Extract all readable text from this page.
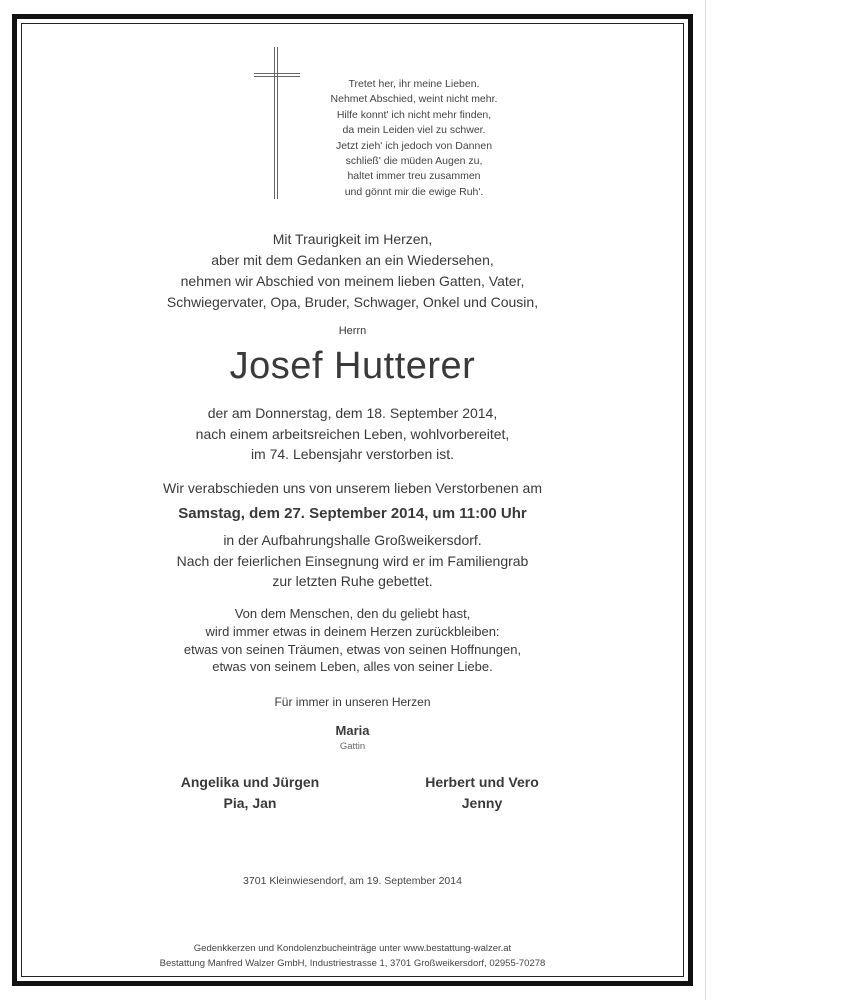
Tretet her, ihr meine Lieben.
Nehmet Abschied, weint nicht mehr.
Hilfe konnt' ich nicht mehr finden,
da mein Leiden viel zu schwer.
Jetzt zieh' ich jedoch von Dannen
schließ' die müden Augen zu,
haltet immer treu zusammen
und gönnt mir die ewige Ruh'.
Mit Traurigkeit im Herzen,
aber mit dem Gedanken an ein Wiedersehen,
nehmen wir Abschied von meinem lieben Gatten, Vater,
Schwiegervater, Opa, Bruder, Schwager, Onkel und Cousin,
Herrn
Josef Hutterer
der am Donnerstag, dem 18. September 2014,
nach einem arbeitsreichen Leben, wohlvorbereitet,
im 74. Lebensjahr verstorben ist.
Wir verabschieden uns von unserem lieben Verstorbenen am
Samstag, dem 27. September 2014, um 11:00 Uhr
in der Aufbahrungshalle Großweikersdorf.
Nach der feierlichen Einsegnung wird er im Familiengrab
zur letzten Ruhe gebettet.
Von dem Menschen, den du geliebt hast,
wird immer etwas in deinem Herzen zurückbleiben:
etwas von seinen Träumen, etwas von seinen Hoffnungen,
etwas von seinem Leben, alles von seiner Liebe.
Für immer in unseren Herzen
Maria
Gattin
Angelika und Jürgen
Pia, Jan
Herbert und Vero
Jenny
3701 Kleinwiesendorf, am 19. September 2014
Gedenkkerzen und Kondolenzbucheinträge unter www.bestattung-walzer.at
Bestattung Manfred Walzer GmbH, Industriestrasse 1, 3701 Großweikersdorf, 02955-70278
